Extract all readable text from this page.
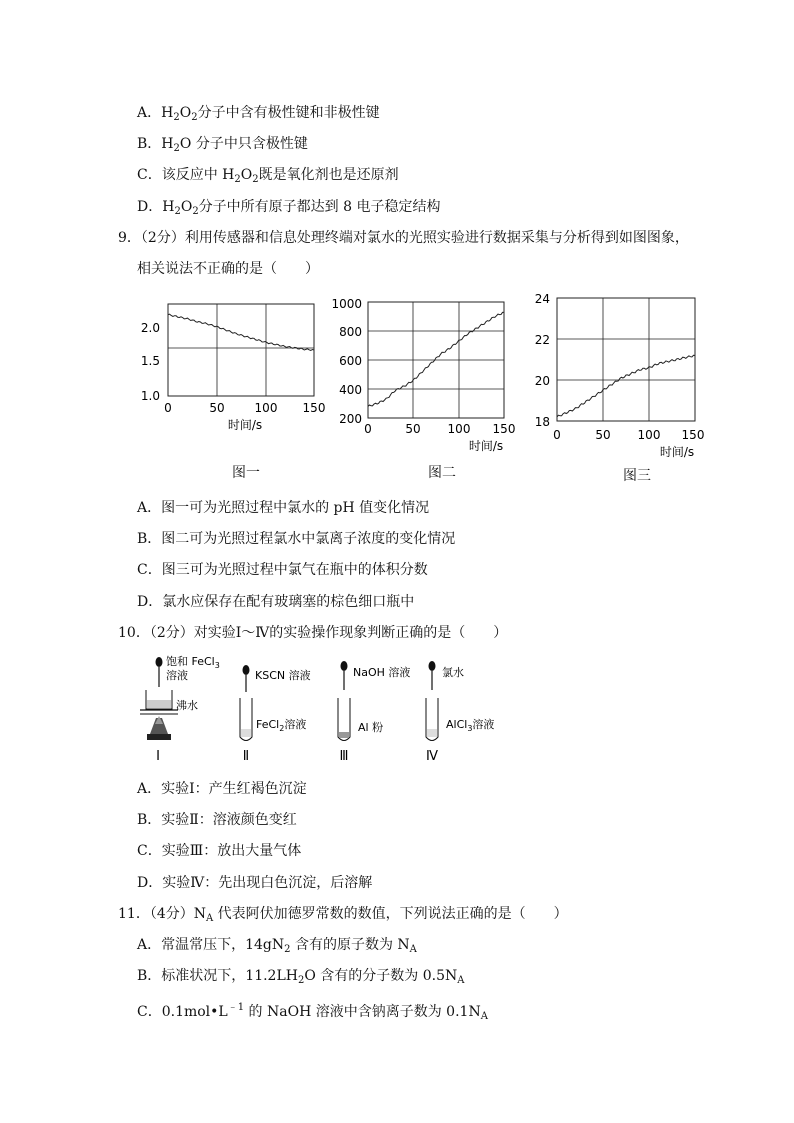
A．$H_2O_2$分子中含有极性键和非极性键
B．$H_2O$ 分子中只含极性键
C．该反应中 $H_2O_2$既是氧化剂也是还原剂
D．$H_2O_2$分子中所有原子都达到 8 电子稳定结构
9．（2分）利用传感器和信息处理终端对氯水的光照实验进行数据采集与分析得到如图图象，
相关说法不正确的是（　　）
2.0
1.5
1.0
0	50 100 150
时间/s
1000
800
600
400
200
0	50 100 150
时间/s
24
22
20
18
0	50 100 150
时间/s
图一	图二	图三
A．图一可为光照过程中氯水的 pH 值变化情况
B．图二可为光照过程氯水中氯离子浓度的变化情况
C．图三可为光照过程中氯气在瓶中的体积分数
D．氯水应保存在配有玻璃塞的棕色细口瓶中
10．（2分）对实验Ⅰ～Ⅳ的实验操作现象判断正确的是（　　）
饱和 FeCl$_3$
溶液
沸水
Ⅰ
KSCN 溶液
FeCl$_2$溶液
Ⅱ
NaOH 溶液
Al 粉
Ⅲ
氯水
AlCl$_3$溶液
Ⅳ
A．实验Ⅰ：产生红褐色沉淀
B．实验Ⅱ：溶液颜色变红
C．实验Ⅲ：放出大量气体
D．实验Ⅳ：先出现白色沉淀，后溶解
11．（4分）$N_A$ 代表阿伏加德罗常数的数值，下列说法正确的是（　　）
A．常温常压下，$14gN_2$ 含有的原子数为 $N_A$
B．标准状况下，$11.2LH_2O$ 含有的分子数为 $0.5N_A$
C．$0.1mol•L^{﹣1}$ 的 NaOH 溶液中含钠离子数为 $0.1N_A$
